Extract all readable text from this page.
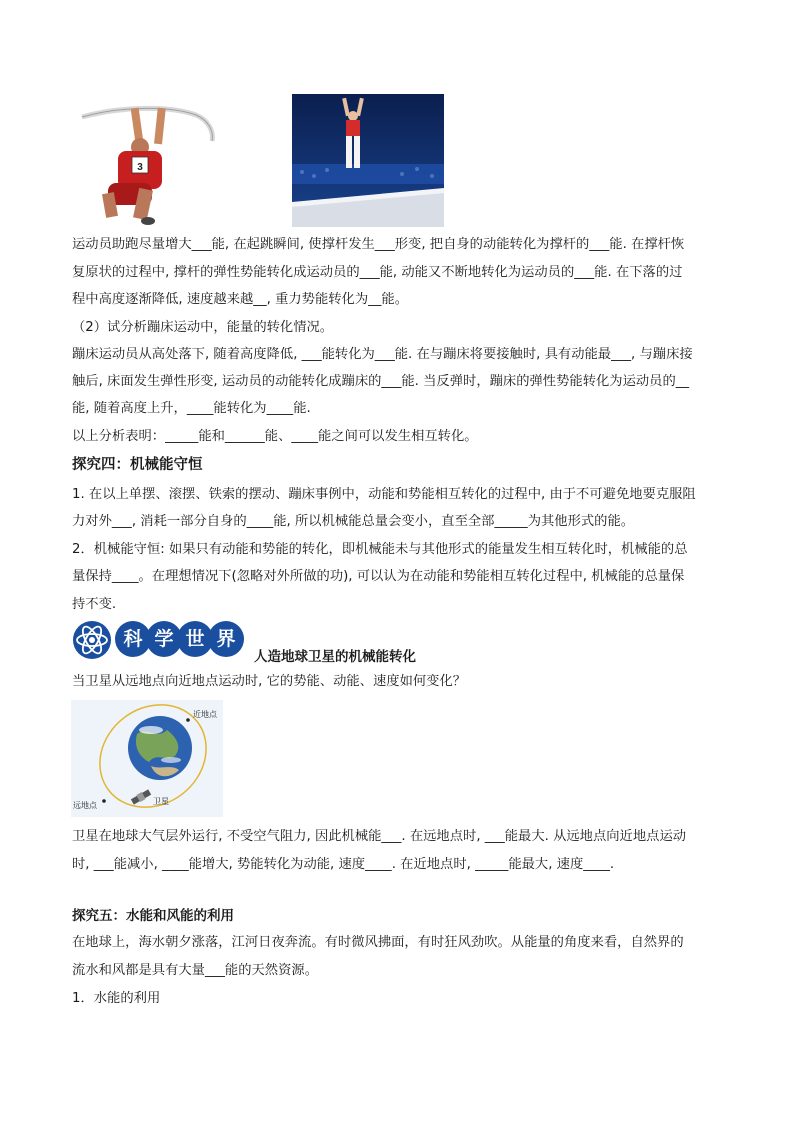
3
运动员助跑尽量增大___能, 在起跳瞬间, 使撑杆发生___形变, 把自身的动能转化为撑杆的___能. 在撑杆恢
复原状的过程中, 撑杆的弹性势能转化成运动员的___能, 动能又不断地转化为运动员的___能. 在下落的过
程中高度逐渐降低, 速度越来越__, 重力势能转化为__能。
（2）试分析蹦床运动中，能量的转化情况。
蹦床运动员从高处落下, 随着高度降低, ___能转化为___能. 在与蹦床将要接触时, 具有动能最___, 与蹦床接
触后, 床面发生弹性形变, 运动员的动能转化成蹦床的___能. 当反弹时，蹦床的弹性势能转化为运动员的__
能, 随着高度上升，____能转化为____能.
以上分析表明：_____能和______能、____能之间可以发生相互转化。
探究四：机械能守恒
1. 在以上单摆、滚摆、铁索的摆动、蹦床事例中，动能和势能相互转化的过程中, 由于不可避免地要克服阻
力对外___, 消耗一部分自身的____能, 所以机械能总量会变小，直至全部_____为其他形式的能。
2．机械能守恒: 如果只有动能和势能的转化，即机械能未与其他形式的能量发生相互转化时，机械能的总
量保持____。在理想情况下(忽略对外所做的功), 可以认为在动能和势能相互转化过程中, 机械能的总量保
持不变.
科 学 世 界
人造地球卫星的机械能转化
当卫星从远地点向近地点运动时, 它的势能、动能、速度如何变化？
近地点
远地点	卫星
卫星在地球大气层外运行, 不受空气阻力, 因此机械能___. 在远地点时, ___能最大. 从远地点向近地点运动
时, ___能减小, ____能增大, 势能转化为动能, 速度____. 在近地点时, _____能最大, 速度____.
探究五：水能和风能的利用
在地球上，海水朝夕涨落，江河日夜奔流。有时微风拂面，有时狂风劲吹。从能量的角度来看，自然界的
流水和风都是具有大量___能的天然资源。
1．水能的利用
